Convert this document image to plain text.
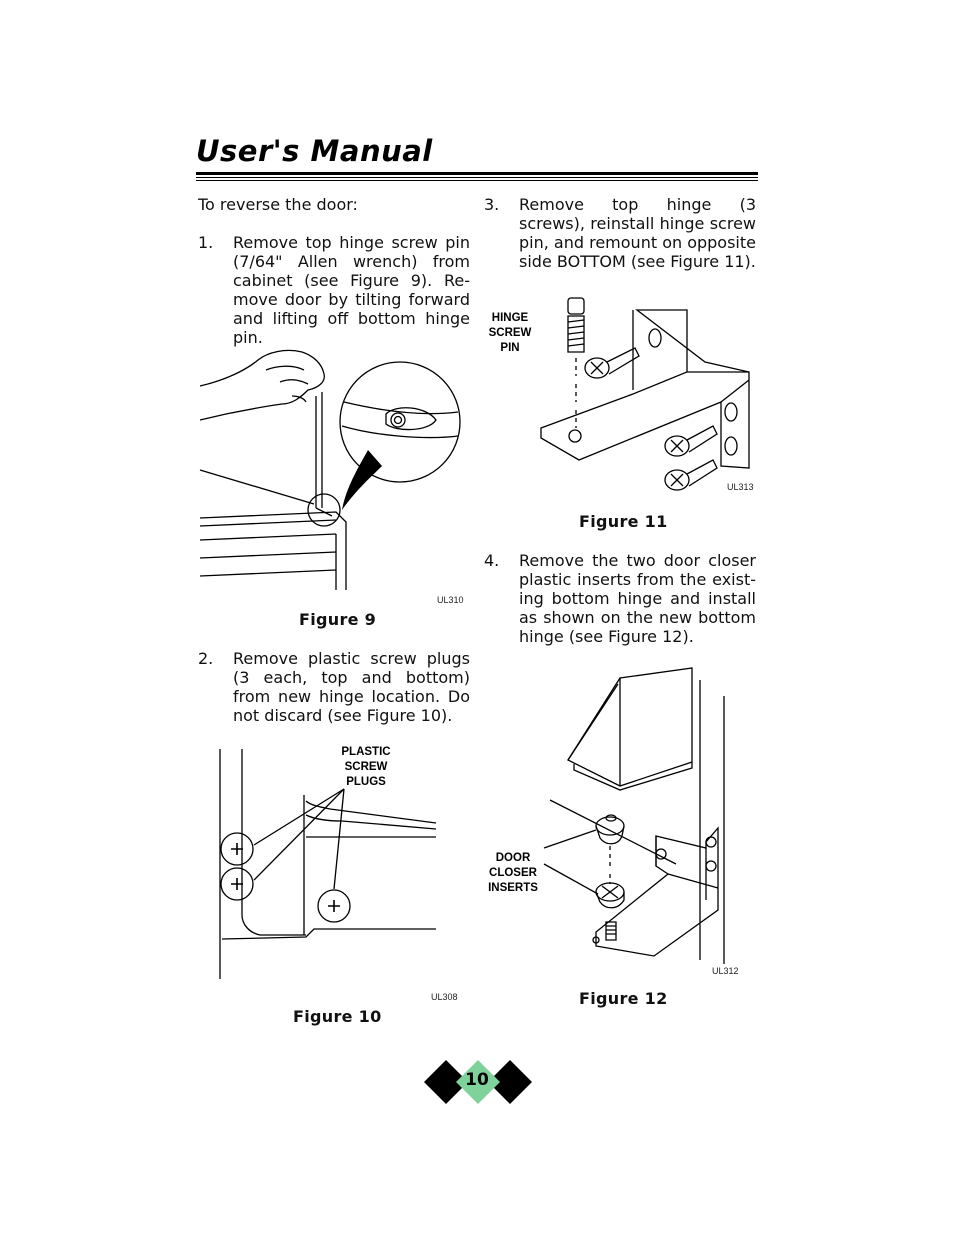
User's Manual
To reverse the door:
1.	Remove top hinge screw pin (7/64" Allen wrench) from cabinet (see Figure 9). Re-move door by tilting forward and lifting off bottom hinge pin.
UL310
Figure 9
2.	Remove plastic screw plugs (3 each, top and bottom) from new hinge location. Do not discard (see Figure 10).
PLASTIC
SCREW
PLUGS
UL308
Figure 10
3.	Remove top hinge (3 screws), reinstall hinge screw pin, and remount on opposite side BOTTOM (see Figure 11).
HINGE
SCREW
PIN
UL313
Figure 11
4.	Remove the two door closer plastic inserts from the exist-ing bottom hinge and install as shown on the new bottom hinge (see Figure 12).
DOOR
CLOSER
INSERTS
UL312
Figure 12
10
